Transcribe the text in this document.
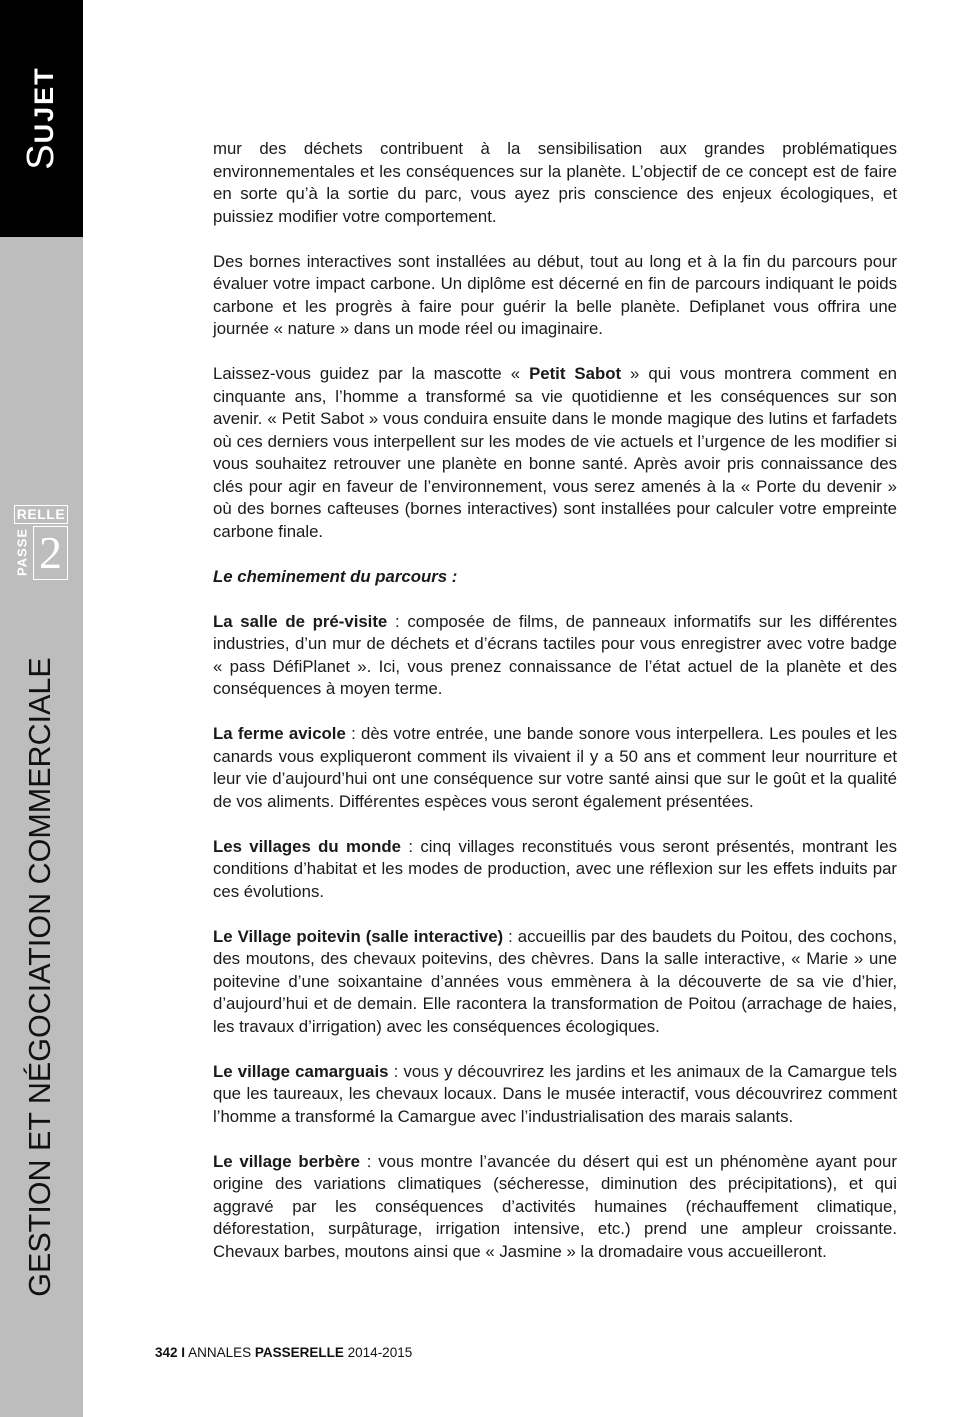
SUJET
RELLE
PASSE 2
GESTION ET NÉGOCIATION COMMERCIALE

mur des déchets contribuent à la sensibilisation aux grandes problématiques environnementales et les conséquences sur la planète. L’objectif de ce concept est de faire en sorte qu’à la sortie du parc, vous ayez pris conscience des enjeux écologiques, et puissiez modifier votre comportement.

Des bornes interactives sont installées au début, tout au long et à la fin du parcours pour évaluer votre impact carbone. Un diplôme est décerné en fin de parcours indiquant le poids carbone et les progrès à faire pour guérir la belle planète. Defiplanet vous offrira une journée « nature » dans un mode réel ou imaginaire.

Laissez-vous guidez par la mascotte « Petit Sabot » qui vous montrera comment en cinquante ans, l’homme a transformé sa vie quotidienne et les conséquences sur son avenir. « Petit Sabot » vous conduira ensuite dans le monde magique des lutins et farfadets où ces derniers vous interpellent sur les modes de vie actuels et l’urgence de les modifier si vous souhaitez retrouver une planète en bonne santé. Après avoir pris connaissance des clés pour agir en faveur de l’environnement, vous serez amenés à la « Porte du devenir » où des bornes cafteuses (bornes interactives) sont installées pour calculer votre empreinte carbone finale.

Le cheminement du parcours :

La salle de pré-visite : composée de films, de panneaux informatifs sur les différentes industries, d’un mur de déchets et d’écrans tactiles pour vous enregistrer avec votre badge « pass DéfiPlanet ». Ici, vous prenez connaissance de l’état actuel de la planète et des conséquences à moyen terme.

La ferme avicole : dès votre entrée, une bande sonore vous interpellera. Les poules et les canards vous expliqueront comment ils vivaient il y a 50 ans et comment leur nourriture et leur vie d’aujourd’hui ont une conséquence sur votre santé ainsi que sur le goût et la qualité de vos aliments. Différentes espèces vous seront également présentées.

Les villages du monde : cinq villages reconstitués vous seront présentés, montrant les conditions d’habitat et les modes de production, avec une réflexion sur les effets induits par ces évolutions.

Le Village poitevin (salle interactive) : accueillis par des baudets du Poitou, des cochons, des moutons, des chevaux poitevins, des chèvres. Dans la salle interactive, « Marie » une poitevine d’une soixantaine d’années vous emmènera à la découverte de sa vie d’hier, d’aujourd’hui et de demain. Elle racontera la transformation de Poitou (arrachage de haies, les travaux d’irrigation) avec les conséquences écologiques.

Le village camarguais : vous y découvrirez les jardins et les animaux de la Camargue tels que les taureaux, les chevaux locaux. Dans le musée interactif, vous découvrirez comment l’homme a transformé la Camargue avec l’industrialisation des marais salants.

Le village berbère : vous montre l’avancée du désert qui est un phénomène ayant pour origine des variations climatiques (sécheresse, diminution des précipitations), et qui aggravé par les conséquences d’activités humaines (réchauffement climatique, déforestation, surpâturage, irrigation intensive, etc.) prend une ampleur croissante. Chevaux barbes, moutons ainsi que « Jasmine » la dromadaire vous accueilleront.

342 I ANNALES PASSERELLE 2014-2015
